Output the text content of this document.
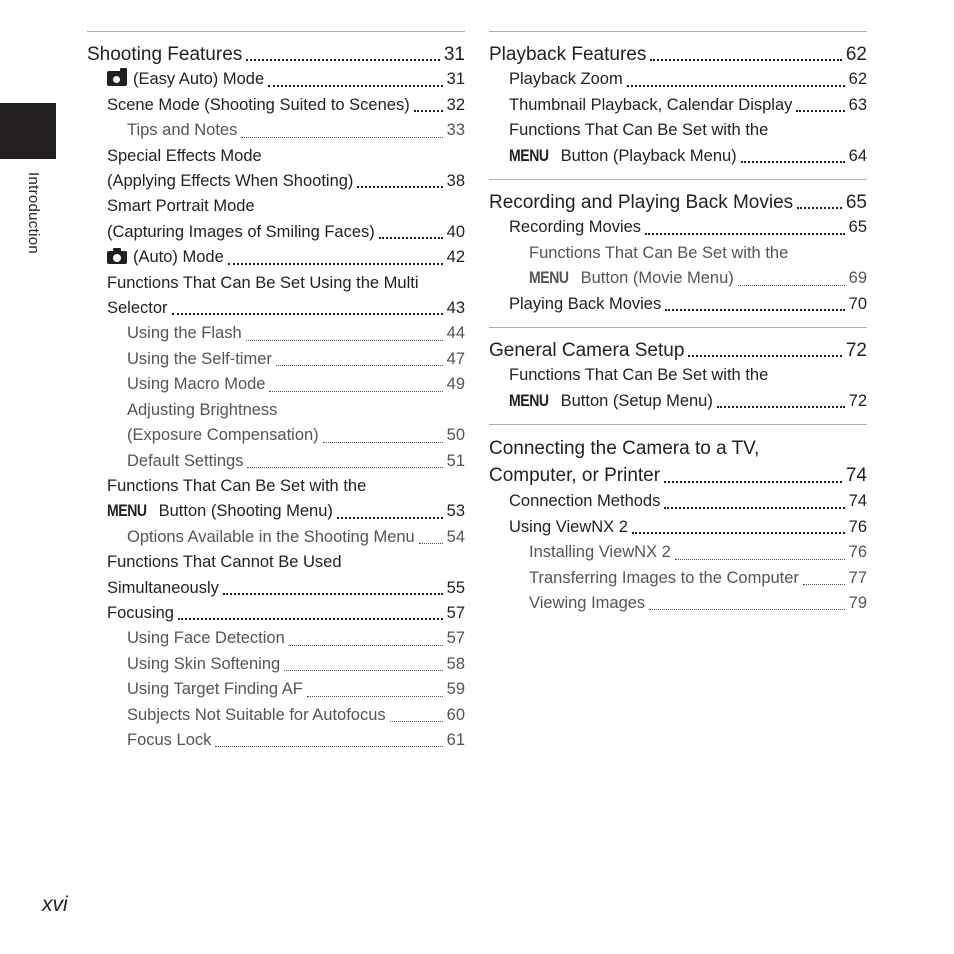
Introduction
Shooting Features	31
(Easy Auto) Mode	31
Scene Mode (Shooting Suited to Scenes) 32
Tips and Notes	33
Special Effects Mode
(Applying Effects When Shooting)	38
Smart Portrait Mode
(Capturing Images of Smiling Faces)	40
(Auto) Mode	42
Functions That Can Be Set Using the Multi
Selector	43
Using the Flash	44
Using the Self-timer	47
Using Macro Mode	49
Adjusting Brightness
(Exposure Compensation)	50
Default Settings	51
Functions That Can Be Set with the
MENU Button (Shooting Menu)	53
Options Available in the Shooting Menu 54
Functions That Cannot Be Used
Simultaneously	55
Focusing	57
Using Face Detection	57
Using Skin Softening	58
Using Target Finding AF	59
Subjects Not Suitable for Autofocus	60
Focus Lock	61
Playback Features	62
Playback Zoom	62
Thumbnail Playback, Calendar Display	63
Functions That Can Be Set with the
MENU Button (Playback Menu)	64
Recording and Playing Back Movies	65
Recording Movies	65
Functions That Can Be Set with the
MENU Button (Movie Menu)	69
Playing Back Movies	70
General Camera Setup	72
Functions That Can Be Set with the
MENU Button (Setup Menu)	72
Connecting the Camera to a TV,
Computer, or Printer	74
Connection Methods	74
Using ViewNX 2	76
Installing ViewNX 2	76
Transferring Images to the Computer	77
Viewing Images	79
xvi
